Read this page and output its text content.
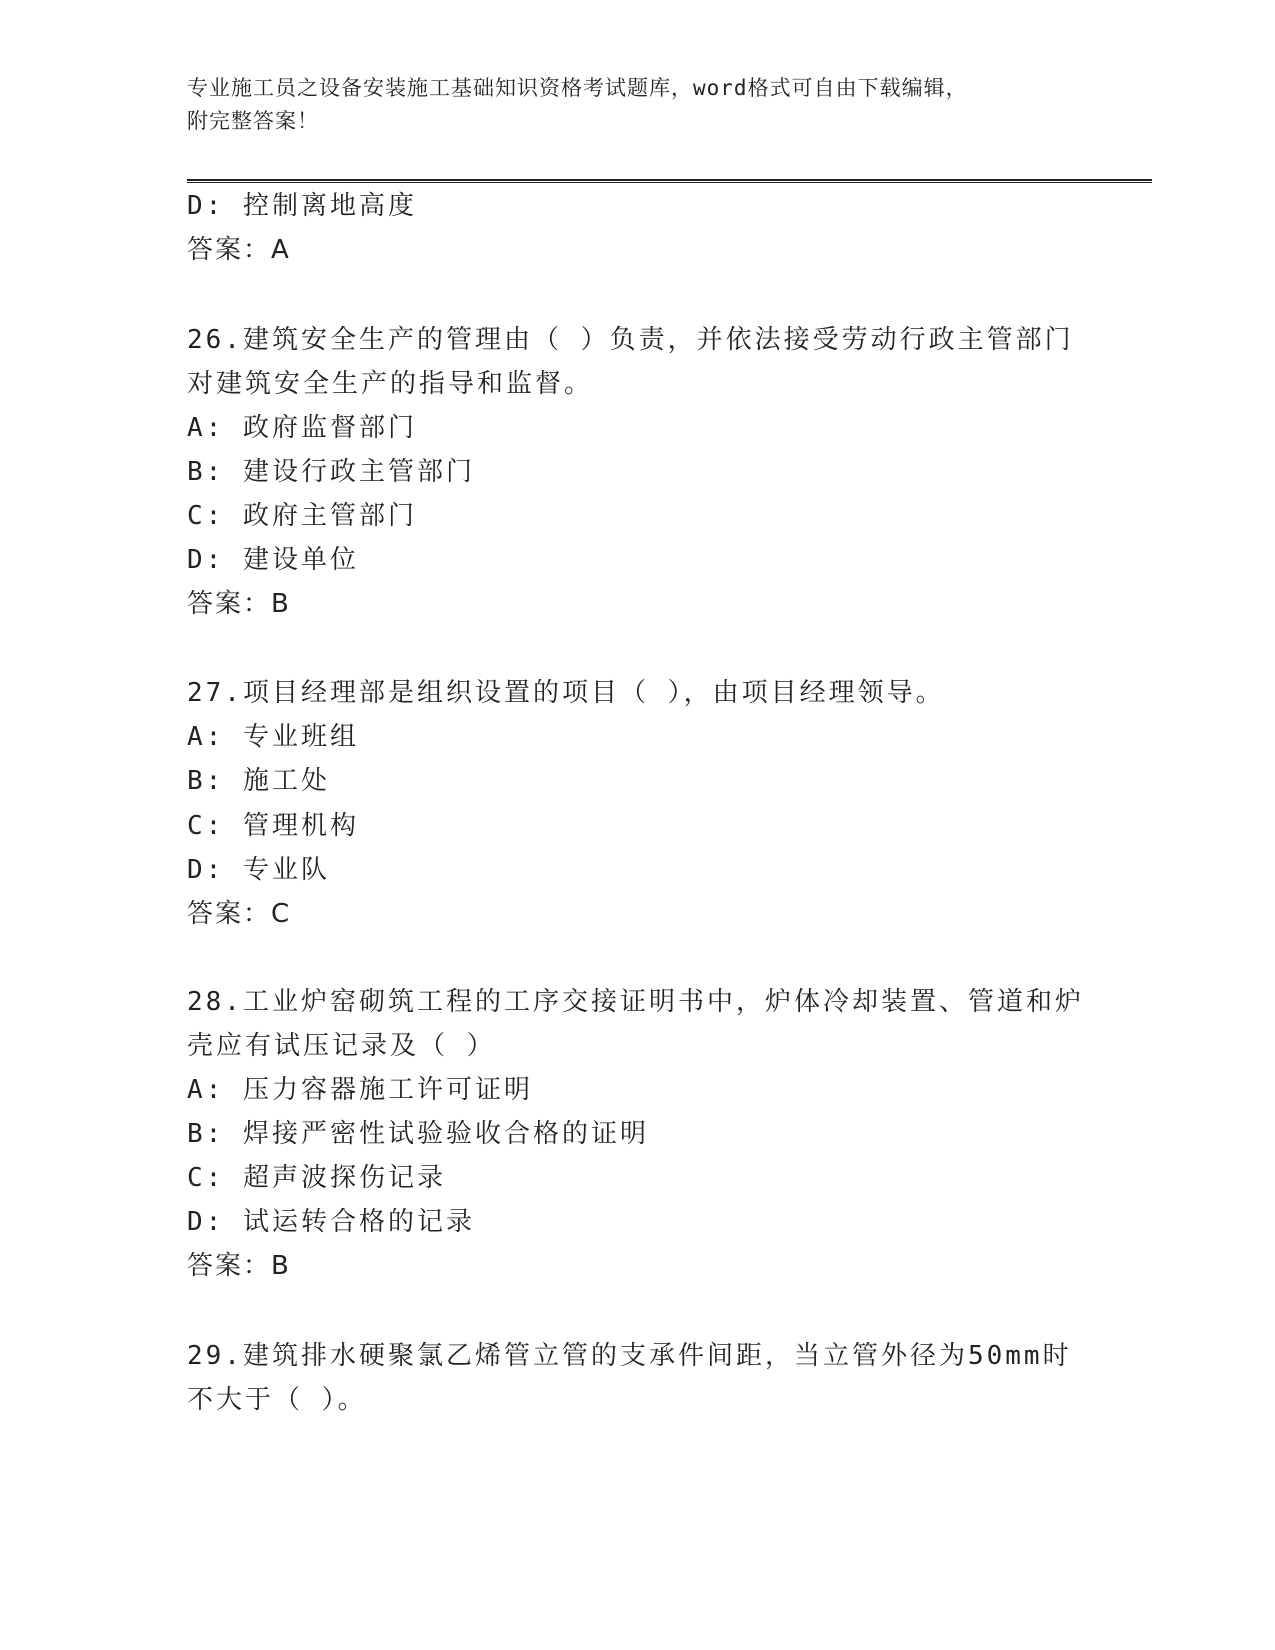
专业施工员之设备安装施工基础知识资格考试题库，word格式可自由下载编辑，
附完整答案！
D: 控制离地高度
答案：A
26.建筑安全生产的管理由（ ）负责，并依法接受劳动行政主管部门
对建筑安全生产的指导和监督。
A: 政府监督部门
B: 建设行政主管部门
C: 政府主管部门
D: 建设单位
答案：B
27.项目经理部是组织设置的项目（ ），由项目经理领导。
A: 专业班组
B: 施工处
C: 管理机构
D: 专业队
答案：C
28.工业炉窑砌筑工程的工序交接证明书中，炉体冷却装置、管道和炉
壳应有试压记录及（ ）
A: 压力容器施工许可证明
B: 焊接严密性试验验收合格的证明
C: 超声波探伤记录
D: 试运转合格的记录
答案：B
29.建筑排水硬聚氯乙烯管立管的支承件间距，当立管外径为50mm时
不大于（ ）。
